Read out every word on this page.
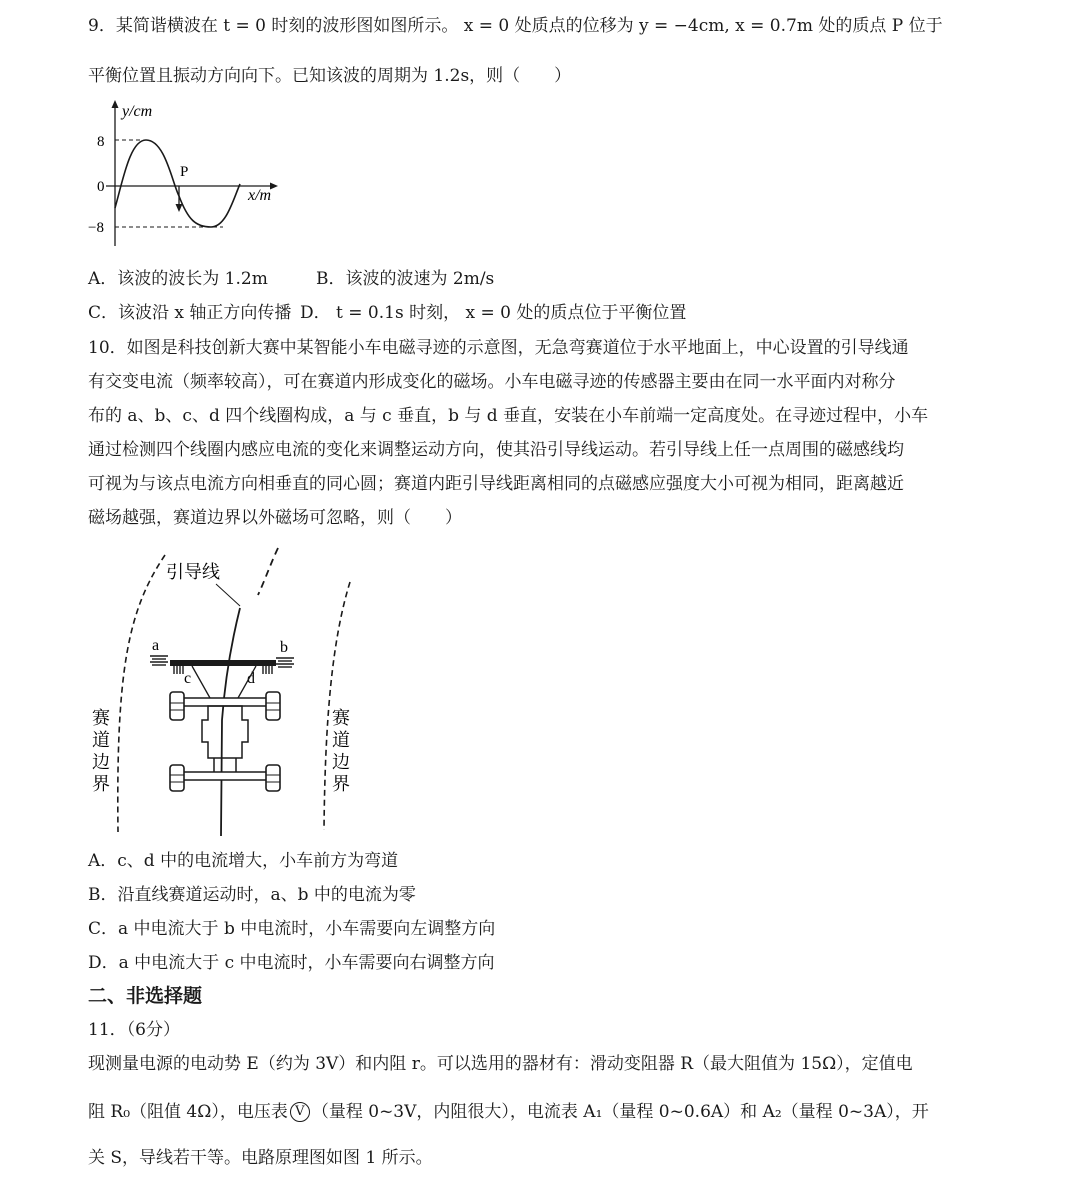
9．某简谐横波在 t = 0 时刻的波形图如图所示。 x = 0 处质点的位移为 y = −4cm, x = 0.7m 处的质点 P 位于
平衡位置且振动方向向下。已知该波的周期为 1.2s，则（　　）
y/cm
8
0
−8
x/m
P
A．该波的波长为 1.2m	B．该波的波速为 2m/s
C．该波沿 x 轴正方向传播 D． t = 0.1s 时刻， x = 0 处的质点位于平衡位置
10．如图是科技创新大赛中某智能小车电磁寻迹的示意图，无急弯赛道位于水平地面上，中心设置的引导线通
有交变电流（频率较高），可在赛道内形成变化的磁场。小车电磁寻迹的传感器主要由在同一水平面内对称分
布的 a、b、c、d 四个线圈构成，a 与 c 垂直，b 与 d 垂直，安装在小车前端一定高度处。在寻迹过程中，小车
通过检测四个线圈内感应电流的变化来调整运动方向，使其沿引导线运动。若引导线上任一点周围的磁感线均
可视为与该点电流方向相垂直的同心圆；赛道内距引导线距离相同的点磁感应强度大小可视为相同，距离越近
磁场越强，赛道边界以外磁场可忽略，则（　　）
引导线
a	b
c	d
赛
道
边
界
赛
道
边
界
A．c、d 中的电流增大，小车前方为弯道
B．沿直线赛道运动时，a、b 中的电流为零
C．a 中电流大于 b 中电流时，小车需要向左调整方向
D．a 中电流大于 c 中电流时，小车需要向右调整方向
二、非选择题
11．（6分）
现测量电源的电动势 E（约为 3V）和内阻 r。可以选用的器材有：滑动变阻器 R（最大阻值为 15Ω），定值电
阻 R₀（阻值 4Ω），电压表 V （量程 0~3V，内阻很大），电流表 A₁（量程 0~0.6A）和 A₂（量程 0~3A），开
关 S，导线若干等。电路原理图如图 1 所示。
